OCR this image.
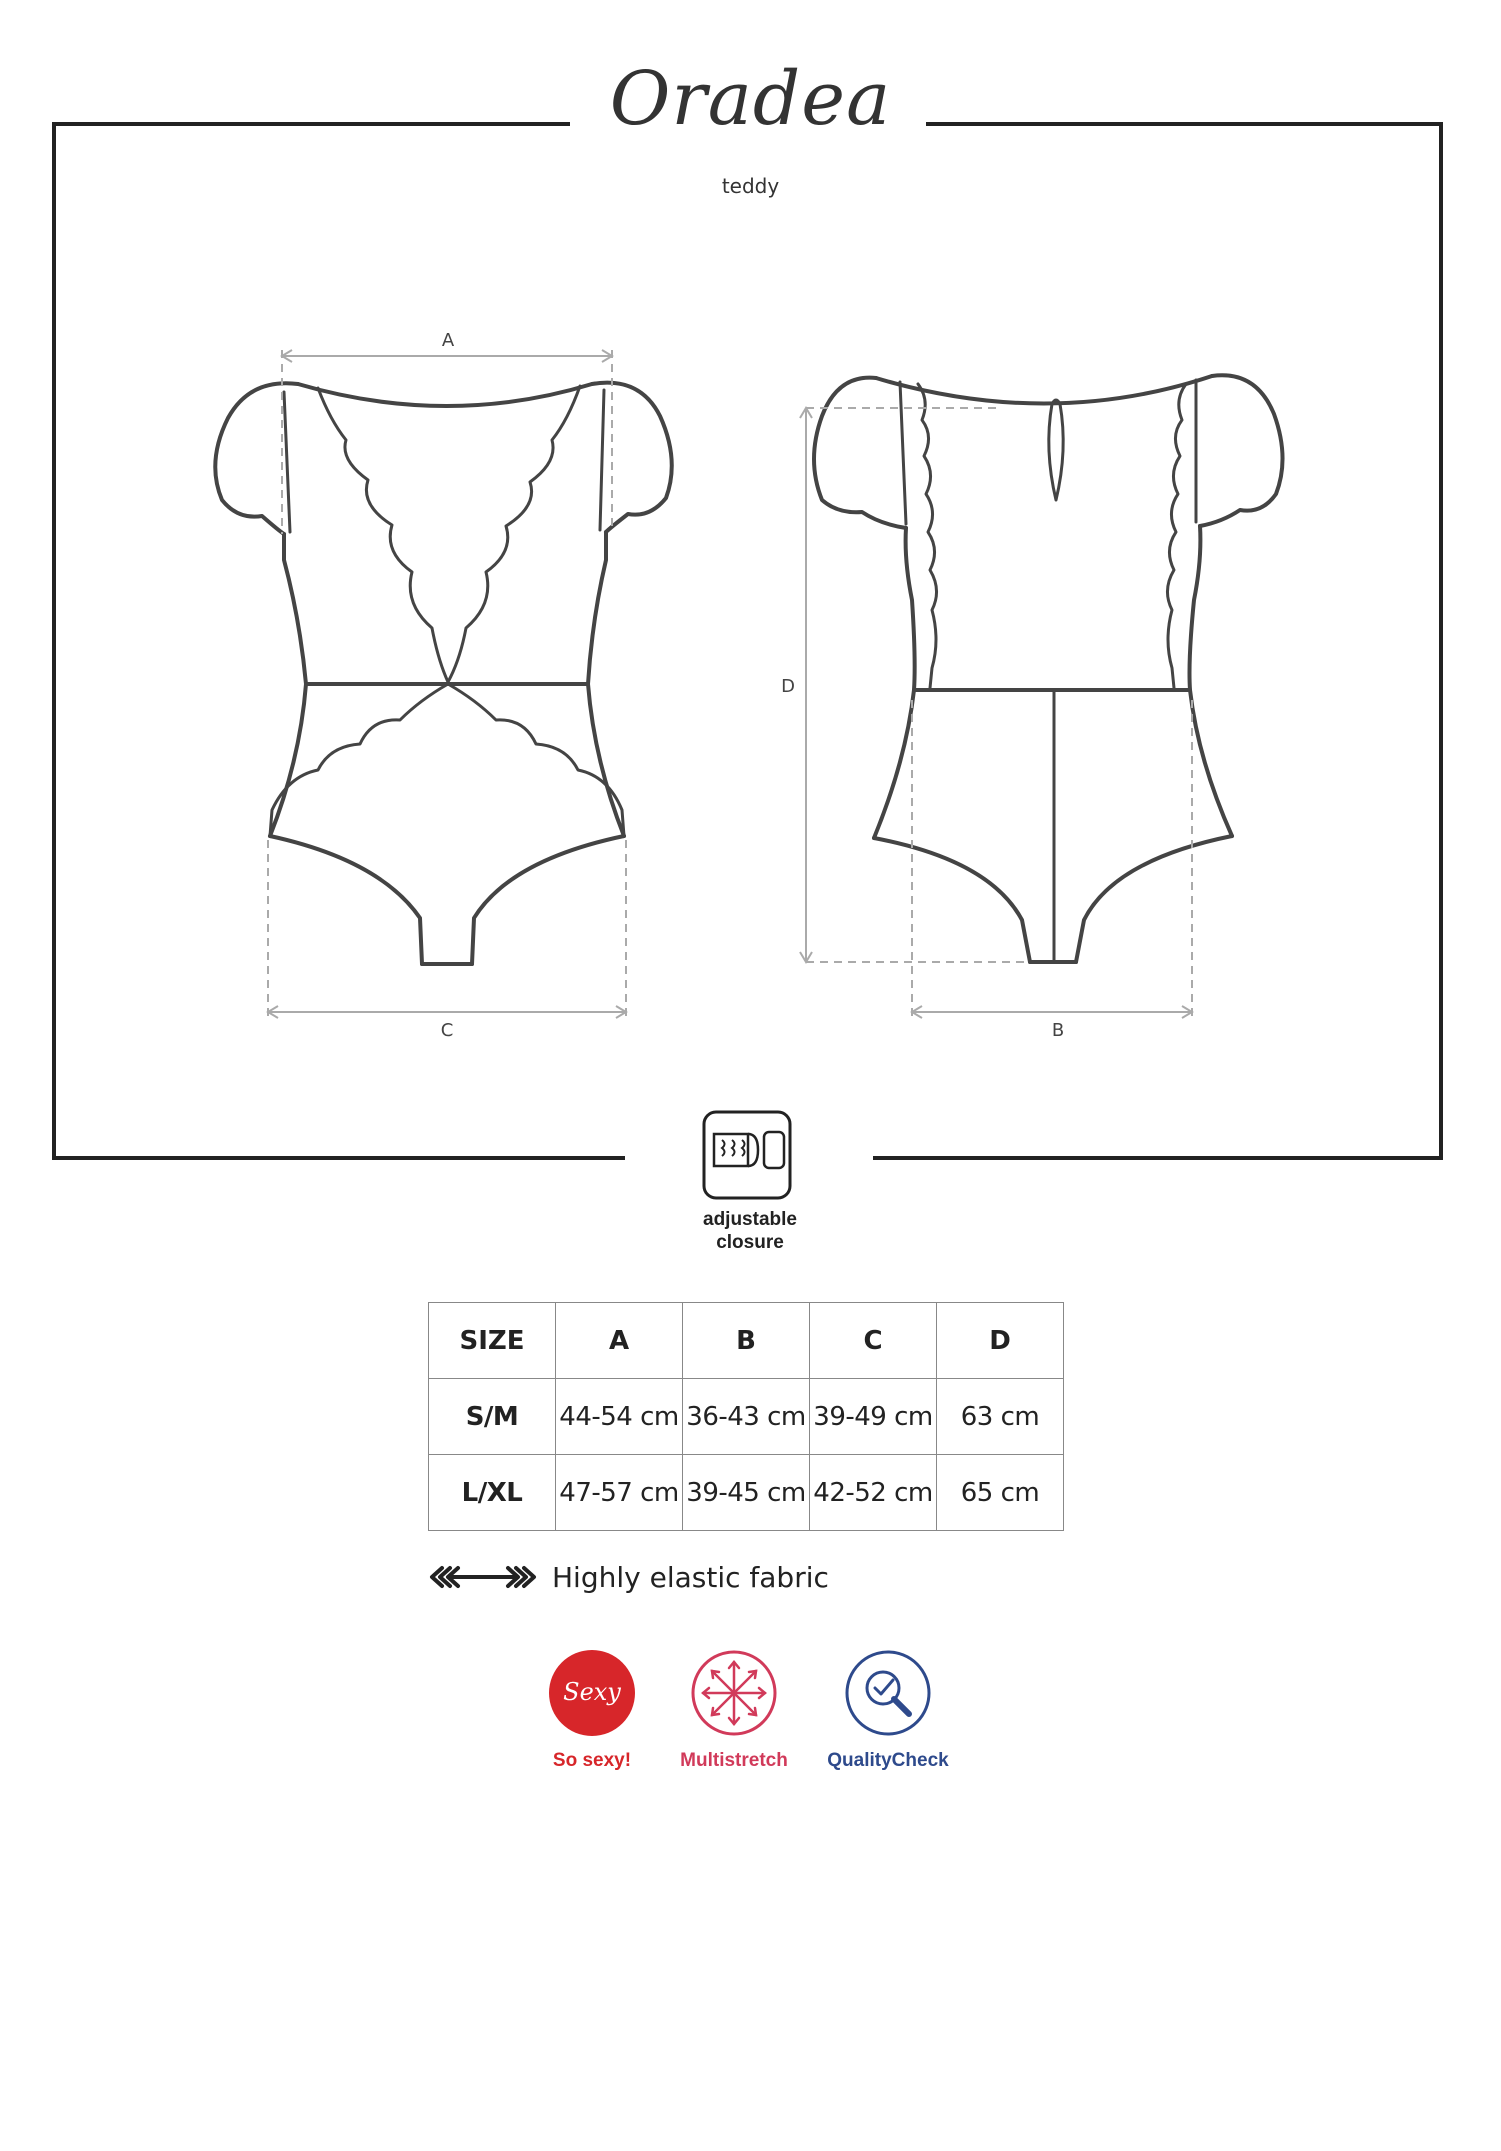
Oradea
teddy
A
C
D
B
adjustable
closure
SIZE	A	B	C	D
S/M	44-54 cm	36-43 cm	39-49 cm	63 cm
L/XL	47-57 cm	39-45 cm	42-52 cm	65 cm
Highly elastic fabric
Sexy
So sexy!	Multistretch	QualityCheck
